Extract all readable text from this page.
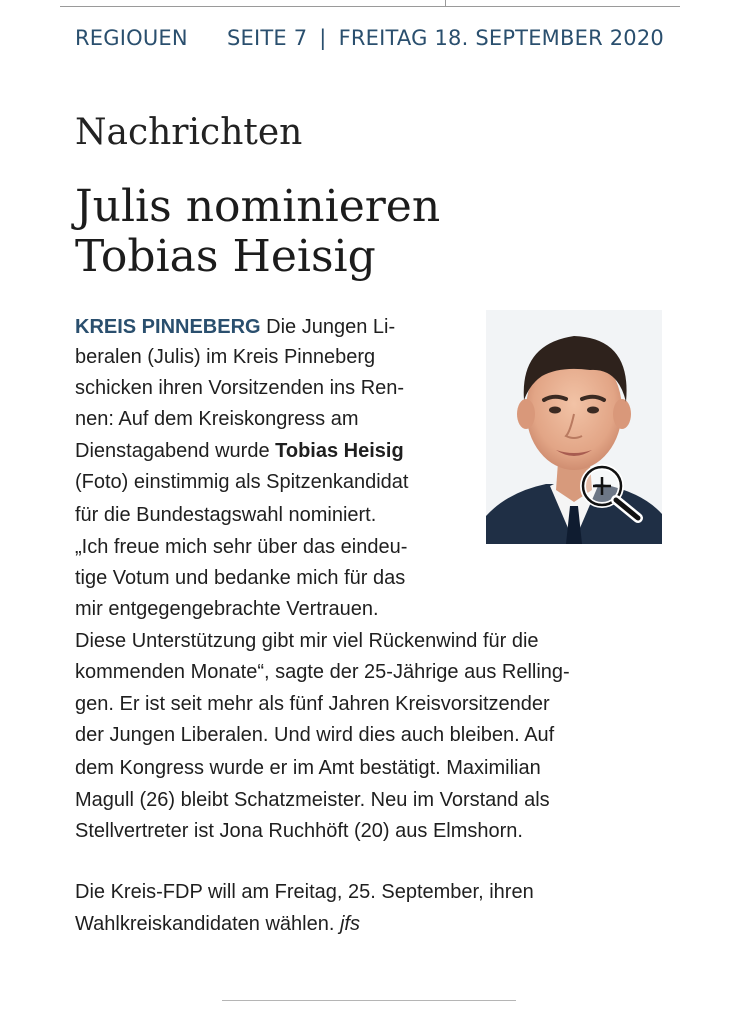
REGIOUEN SEITE 7 | FREITAG 18. SEPTEMBER 2020
Nachrichten
Julis nominieren
Tobias Heisig
KREIS PINNEBERG Die Jungen Li-
beralen (Julis) im Kreis Pinneberg
schicken ihren Vorsitzenden ins Ren-
nen: Auf dem Kreiskongress am
Dienstagabend wurde Tobias Heisig
(Foto) einstimmig als Spitzenkandidat
für die Bundestagswahl nominiert.
„Ich freue mich sehr über das eindeu-
tige Votum und bedanke mich für das
mir entgegengebrachte Vertrauen.
Diese Unterstützung gibt mir viel Rückenwind für die
kommenden Monate“, sagte der 25-Jährige aus Relling-
gen. Er ist seit mehr als fünf Jahren Kreisvorsitzender
der Jungen Liberalen. Und wird dies auch bleiben. Auf
dem Kongress wurde er im Amt bestätigt. Maximilian
Magull (26) bleibt Schatzmeister. Neu im Vorstand als
Stellvertreter ist Jona Ruchhöft (20) aus Elmshorn.
Die Kreis-FDP will am Freitag, 25. September, ihren
Wahlkreiskandidaten wählen. jfs
